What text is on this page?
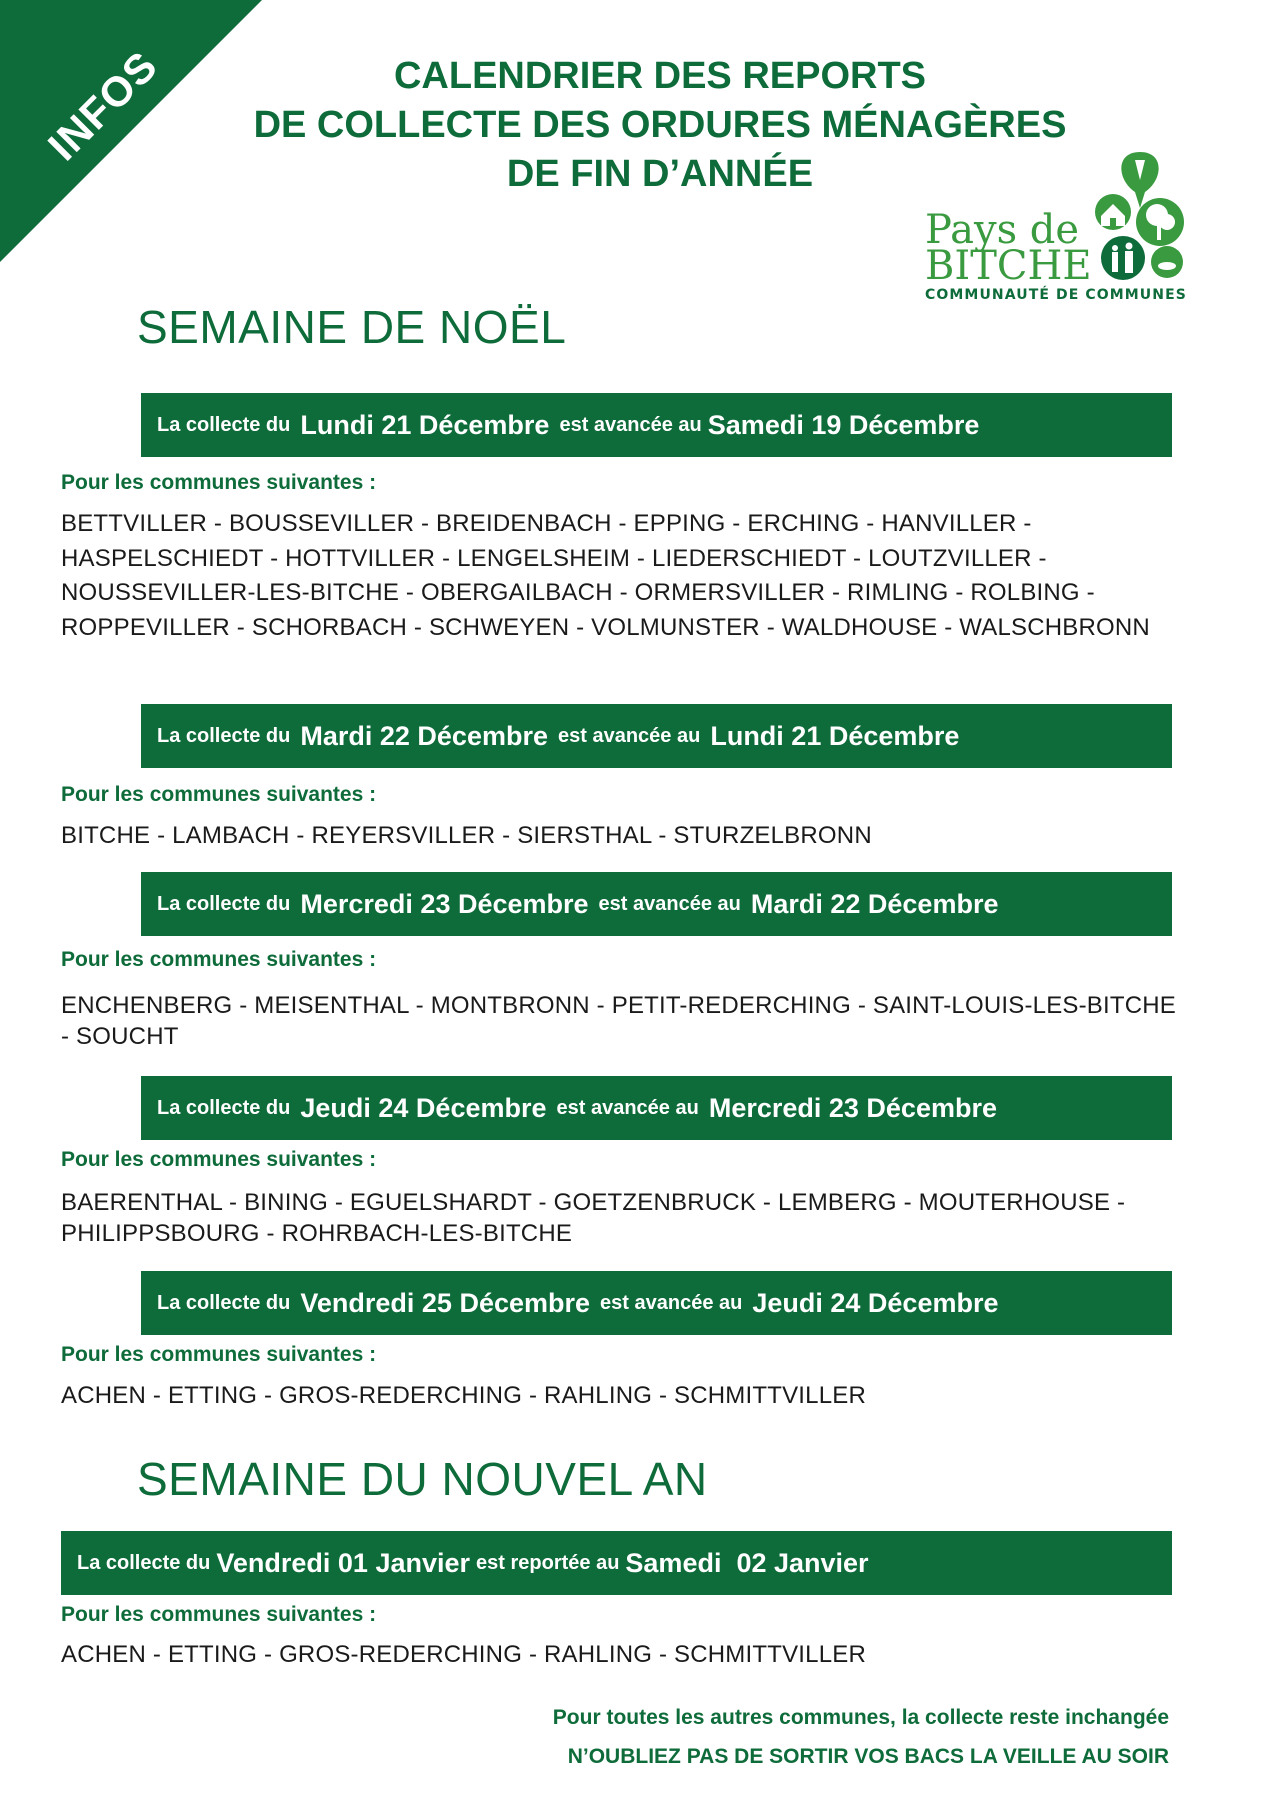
INFOS	CALENDRIER DES REPORTS
DE COLLECTE DES ORDURES MÉNAGÈRES
DE FIN D’ANNÉE
Pays de
BITCHE
COMMUNAUTÉ DE COMMUNES
SEMAINE DE NOËL
La collecte du Lundi 21 Décembre est avancée au Samedi 19 Décembre
Pour les communes suivantes :
BETTVILLER - BOUSSEVILLER - BREIDENBACH - EPPING - ERCHING - HANVILLER - HASPELSCHIEDT - HOTTVILLER - LENGELSHEIM - LIEDERSCHIEDT - LOUTZVILLER - NOUSSEVILLER-LES-BITCHE - OBERGAILBACH - ORMERSVILLER - RIMLING - ROLBING - ROPPEVILLER - SCHORBACH - SCHWEYEN - VOLMUNSTER - WALDHOUSE - WALSCHBRONN
La collecte du Mardi 22 Décembre est avancée au Lundi 21 Décembre
Pour les communes suivantes :
BITCHE - LAMBACH - REYERSVILLER - SIERSTHAL - STURZELBRONN
La collecte du Mercredi 23 Décembre est avancée au Mardi 22 Décembre
Pour les communes suivantes :
ENCHENBERG - MEISENTHAL - MONTBRONN - PETIT-REDERCHING - SAINT-LOUIS-LES-BITCHE - SOUCHT
La collecte du Jeudi 24 Décembre est avancée au Mercredi 23 Décembre
Pour les communes suivantes :
BAERENTHAL - BINING - EGUELSHARDT - GOETZENBRUCK - LEMBERG - MOUTERHOUSE - PHILIPPSBOURG - ROHRBACH-LES-BITCHE
La collecte du Vendredi 25 Décembre est avancée au Jeudi 24 Décembre
Pour les communes suivantes :
ACHEN - ETTING - GROS-REDERCHING - RAHLING - SCHMITTVILLER
SEMAINE DU NOUVEL AN
La collecte du Vendredi 01 Janvier est reportée au Samedi  02 Janvier
Pour les communes suivantes :
ACHEN - ETTING - GROS-REDERCHING - RAHLING - SCHMITTVILLER
Pour toutes les autres communes, la collecte reste inchangée
N’OUBLIEZ PAS DE SORTIR VOS BACS LA VEILLE AU SOIR
